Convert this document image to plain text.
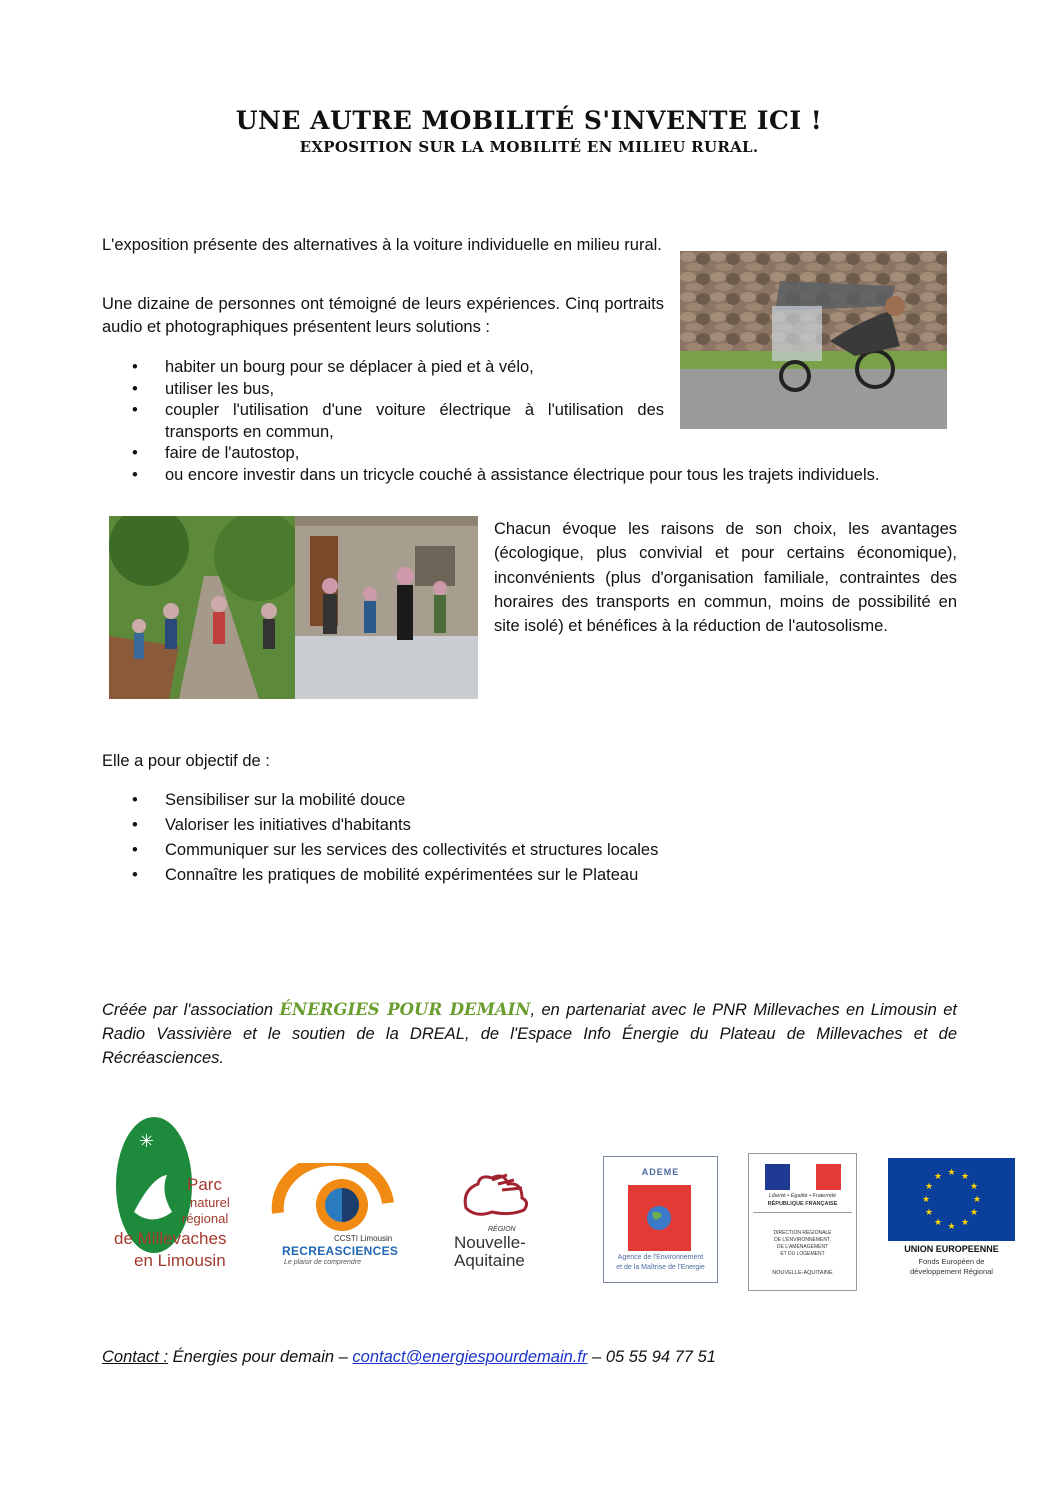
UNE AUTRE MOBILITÉ S'INVENTE ICI !
EXPOSITION SUR LA MOBILITÉ EN MILIEU RURAL.
L'exposition présente des alternatives à la voiture individuelle en milieu rural.
Une dizaine de personnes ont témoigné de leurs expériences. Cinq portraits audio et photographiques présentent leurs solutions :
• habiter un bourg pour se déplacer à pied et à vélo,
• utiliser les bus,
• coupler l'utilisation d'une voiture électrique à l'utilisation des transports en commun,
• faire de l'autostop,
• ou encore investir dans un tricycle couché à assistance électrique pour tous les trajets individuels.
Chacun évoque les raisons de son choix, les avantages (écologique, plus convivial et pour certains économique), inconvénients (plus d'organisation familiale, contraintes des horaires des transports en commun, moins de possibilité en site isolé) et bénéfices à la réduction de l'autosolisme.
Elle a pour objectif de :
• Sensibiliser sur la mobilité douce
• Valoriser les initiatives d'habitants
• Communiquer sur les services des collectivités et structures locales
• Connaître les pratiques de mobilité expérimentées sur le Plateau
Créée par l'association ÉNERGIES POUR DEMAIN, en partenariat avec le PNR Millevaches en Limousin et Radio Vassivière et le soutien de la DREAL, de l'Espace Info Énergie du Plateau de Millevaches et de Récréasciences.
✳
Parc
naturel
régional
de Millevaches
en Limousin
CCSTI Limousin
RECREASCIENCES
Le plaisir de comprendre
RÉGION
Nouvelle-
Aquitaine
ADEME
Agence de l'Environnement
et de la Maîtrise de l'Energie
Liberté • Égalité • Fraternité
RÉPUBLIQUE FRANÇAISE
DIRECTION RÉGIONALE
DE L'ENVIRONNEMENT,
DE L'AMÉNAGEMENT
ET DU LOGEMENT
NOUVELLE-AQUITAINE
★ ★
★
★
★
★
★
★
★
★
★
★
UNION EUROPEENNE
Fonds Européen de
développement Régional
Contact : Énergies pour demain – contact@energiespourdemain.fr – 05 55 94 77 51
